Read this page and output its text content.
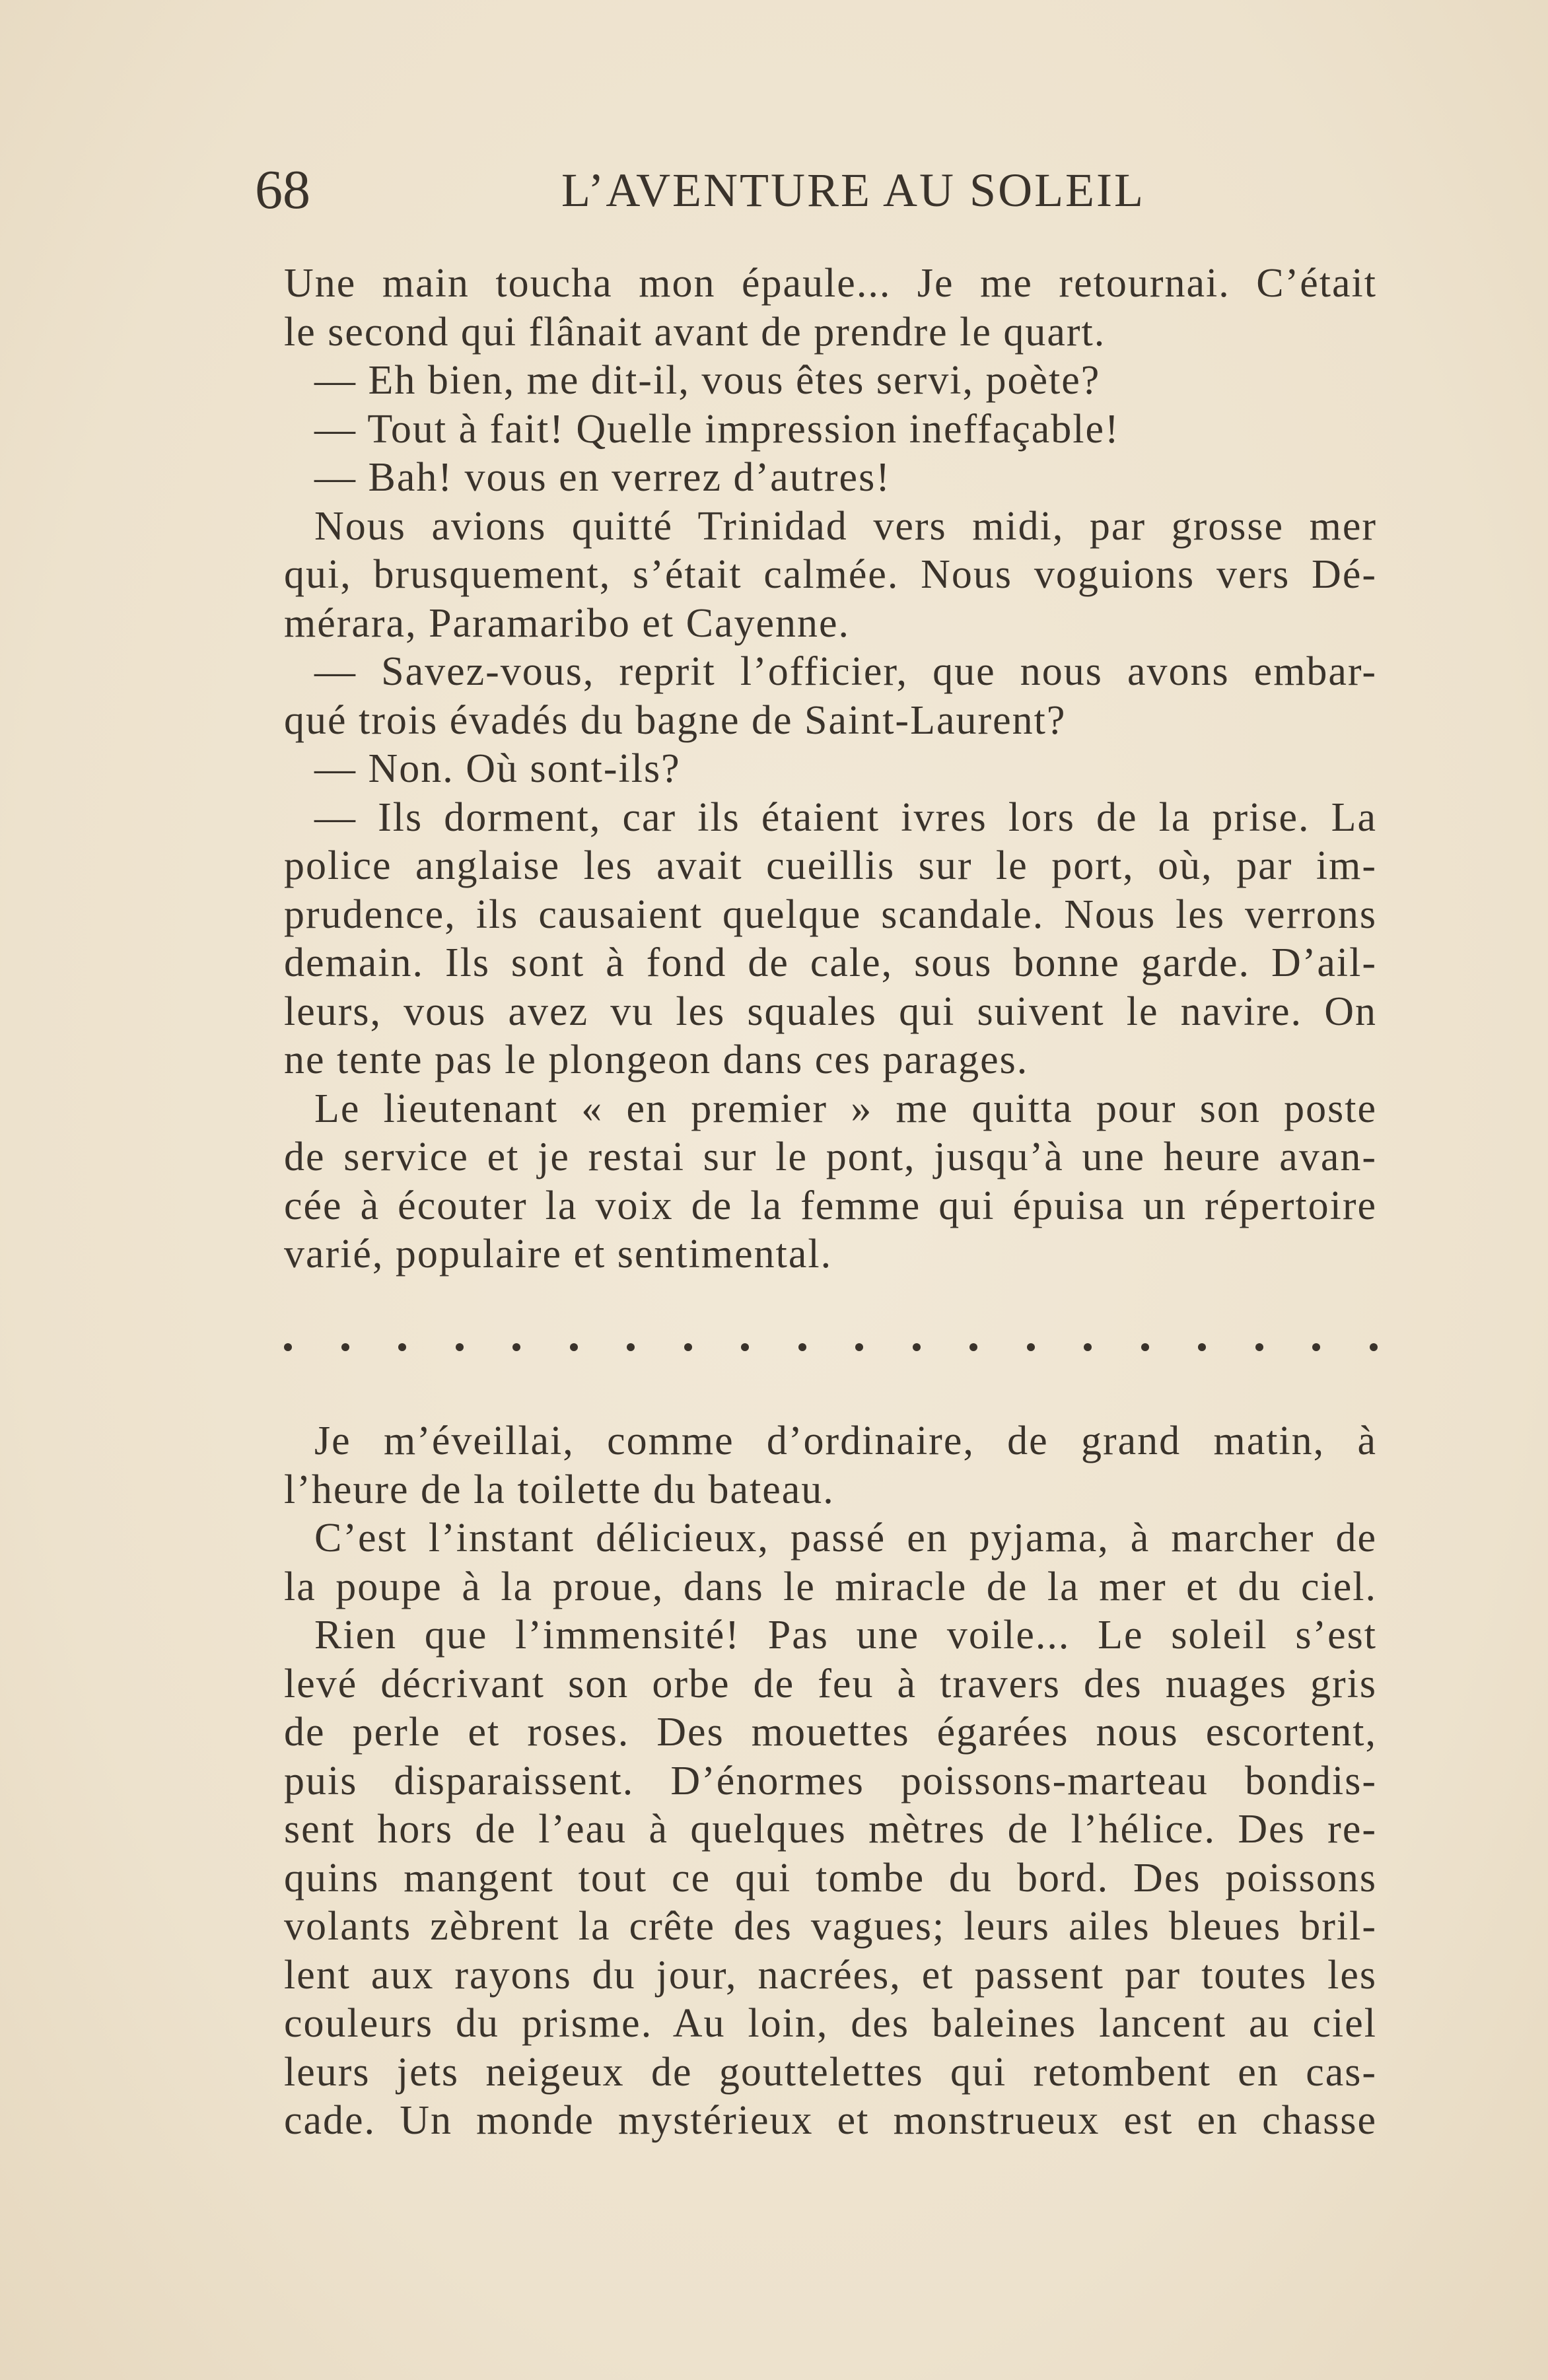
68	L’AVENTURE AU SOLEIL
Une main toucha mon épaule... Je me retournai. C’était
le second qui flânait avant de prendre le quart.
— Eh bien, me dit-il, vous êtes servi, poète?
— Tout à fait! Quelle impression ineffaçable!
— Bah! vous en verrez d’autres!
Nous avions quitté Trinidad vers midi, par grosse mer
qui, brusquement, s’était calmée. Nous voguions vers Dé-
mérara, Paramaribo et Cayenne.
— Savez-vous, reprit l’officier, que nous avons embar-
qué trois évadés du bagne de Saint-Laurent?
— Non. Où sont-ils?
— Ils dorment, car ils étaient ivres lors de la prise. La
police anglaise les avait cueillis sur le port, où, par im-
prudence, ils causaient quelque scandale. Nous les verrons
demain. Ils sont à fond de cale, sous bonne garde. D’ail-
leurs, vous avez vu les squales qui suivent le navire. On
ne tente pas le plongeon dans ces parages.
Le lieutenant « en premier » me quitta pour son poste
de service et je restai sur le pont, jusqu’à une heure avan-
cée à écouter la voix de la femme qui épuisa un répertoire
varié, populaire et sentimental.
Je m’éveillai, comme d’ordinaire, de grand matin, à
l’heure de la toilette du bateau.
C’est l’instant délicieux, passé en pyjama, à marcher de
la poupe à la proue, dans le miracle de la mer et du ciel.
Rien que l’immensité! Pas une voile... Le soleil s’est
levé décrivant son orbe de feu à travers des nuages gris
de perle et roses. Des mouettes égarées nous escortent,
puis disparaissent. D’énormes poissons-marteau bondis-
sent hors de l’eau à quelques mètres de l’hélice. Des re-
quins mangent tout ce qui tombe du bord. Des poissons
volants zèbrent la crête des vagues; leurs ailes bleues bril-
lent aux rayons du jour, nacrées, et passent par toutes les
couleurs du prisme. Au loin, des baleines lancent au ciel
leurs jets neigeux de gouttelettes qui retombent en cas-
cade. Un monde mystérieux et monstrueux est en chasse
